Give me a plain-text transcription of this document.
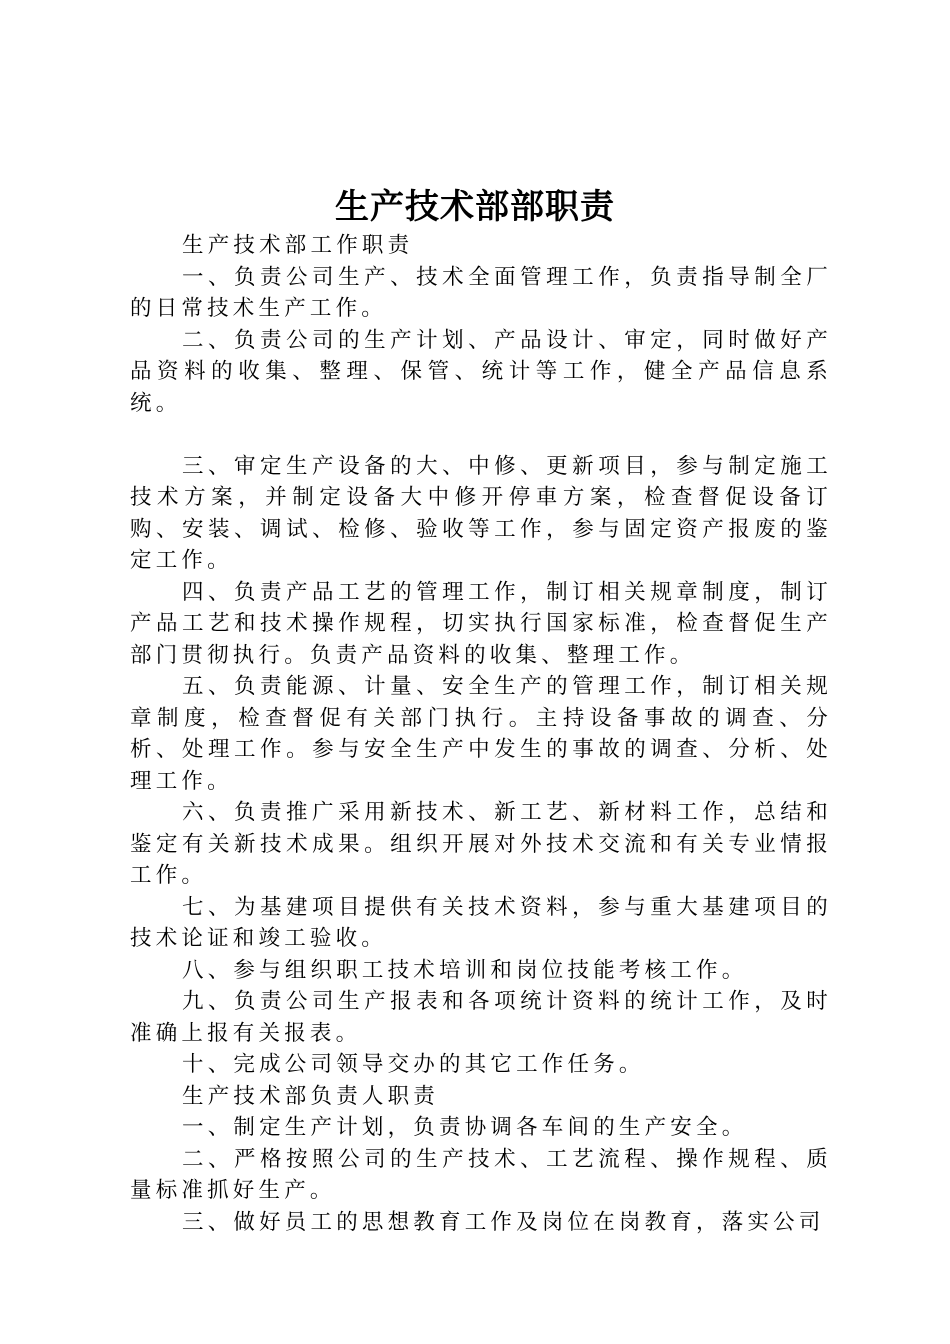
生产技术部部职责

生产技术部工作职责

一、负责公司生产、技术全面管理工作，负责指导制全厂的日常技术生产工作。

二、负责公司的生产计划、产品设计、审定，同时做好产品资料的收集、整理、保管、统计等工作，健全产品信息系统。

三、审定生产设备的大、中修、更新项目，参与制定施工技术方案，并制定设备大中修开停車方案，检查督促设备订购、安装、调试、检修、验收等工作，参与固定资产报废的鉴定工作。

四、负责产品工艺的管理工作，制订相关规章制度，制订产品工艺和技术操作规程，切实执行国家标准，检查督促生产部门贯彻执行。负责产品资料的收集、整理工作。

五、负责能源、计量、安全生产的管理工作，制订相关规章制度，检查督促有关部门执行。主持设备事故的调查、分析、处理工作。参与安全生产中发生的事故的调查、分析、处理工作。

六、负责推广采用新技术、新工艺、新材料工作，总结和鉴定有关新技术成果。组织开展对外技术交流和有关专业情报工作。

七、为基建项目提供有关技术资料，参与重大基建项目的技术论证和竣工验收。

八、参与组织职工技术培训和岗位技能考核工作。

九、负责公司生产报表和各项统计资料的统计工作，及时准确上报有关报表。

十、完成公司领导交办的其它工作任务。

生产技术部负责人职责

一、制定生产计划，负责协调各车间的生产安全。

二、严格按照公司的生产技术、工艺流程、操作规程、质量标准抓好生产。

三、做好员工的思想教育工作及岗位在岗教育，落实公司
